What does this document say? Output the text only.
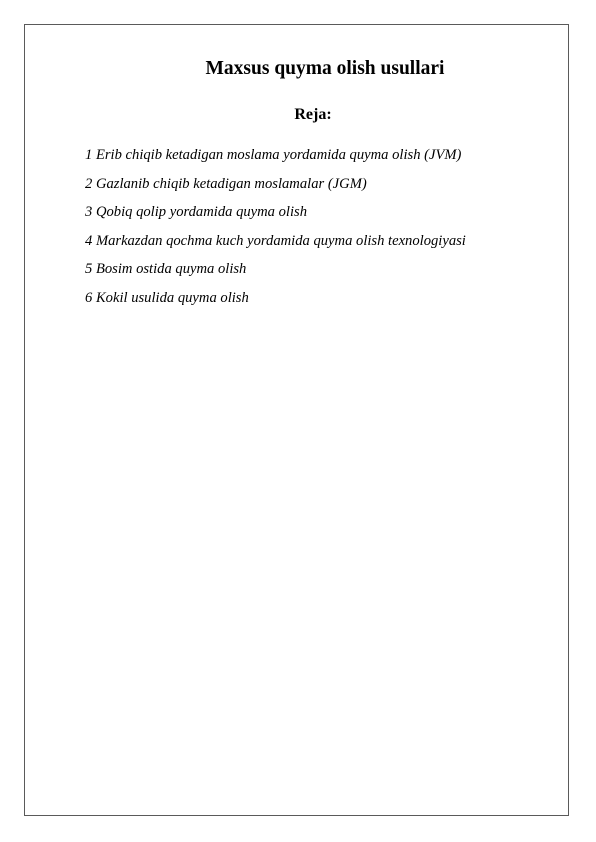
Maxsus quyma olish usullari
Reja:
1 Erib chiqib ketadigan moslama yordamida quyma olish (JVM)
2 Gazlanib chiqib ketadigan moslamalar (JGM)
3 Qobiq qolip yordamida quyma olish
4 Markazdan qochma kuch yordamida quyma olish texnologiyasi
5 Bosim ostida quyma olish
6 Kokil usulida quyma olish
